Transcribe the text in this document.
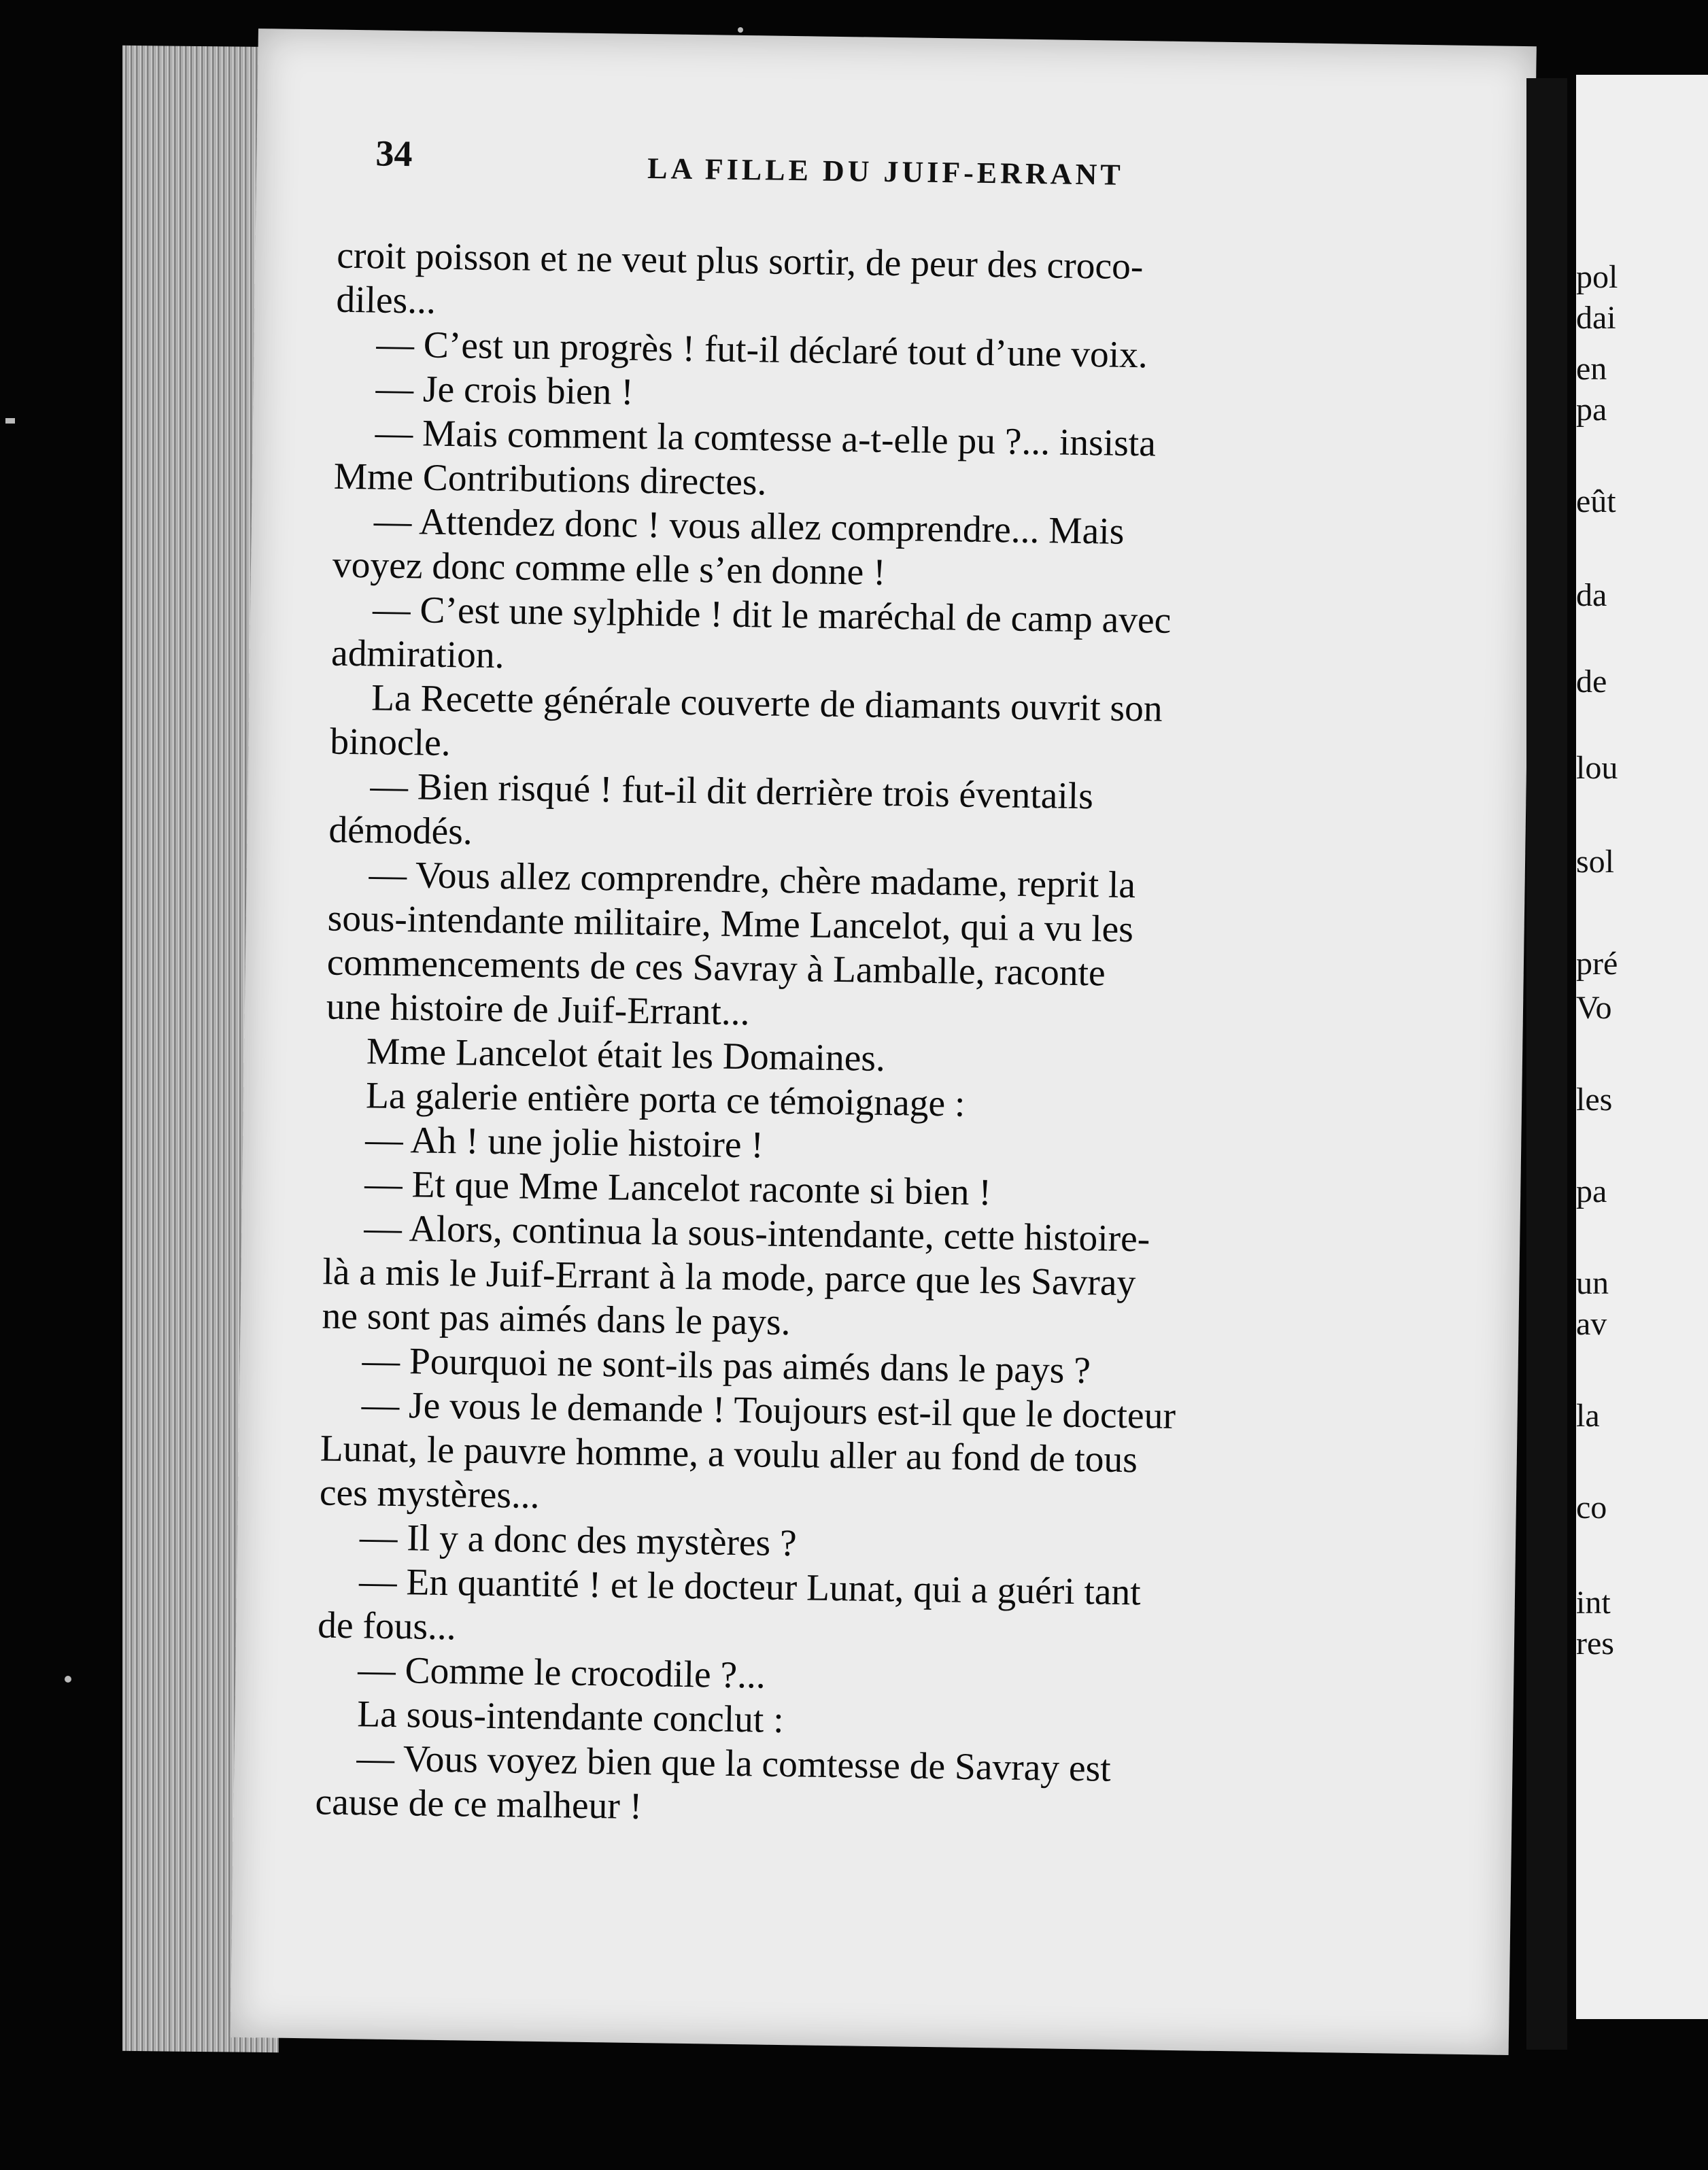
34	LA FILLE DU JUIF-ERRANT
croit poisson et ne veut plus sortir, de peur des croco-
diles...
— C’est un progrès ! fut-il déclaré tout d’une voix.
— Je crois bien !
— Mais comment la comtesse a-t-elle pu ?... insista
Mme Contributions directes.
— Attendez donc ! vous allez comprendre... Mais
voyez donc comme elle s’en donne !
— C’est une sylphide ! dit le maréchal de camp avec
admiration.
La Recette générale couverte de diamants ouvrit son
binocle.
— Bien risqué ! fut-il dit derrière trois éventails
démodés.
— Vous allez comprendre, chère madame, reprit la
sous-intendante militaire, Mme Lancelot, qui a vu les
commencements de ces Savray à Lamballe, raconte
une histoire de Juif-Errant...
Mme Lancelot était les Domaines.
La galerie entière porta ce témoignage :
— Ah ! une jolie histoire !
— Et que Mme Lancelot raconte si bien !
— Alors, continua la sous-intendante, cette histoire-
là a mis le Juif-Errant à la mode, parce que les Savray
ne sont pas aimés dans le pays.
— Pourquoi ne sont-ils pas aimés dans le pays ?
— Je vous le demande ! Toujours est-il que le docteur
Lunat, le pauvre homme, a voulu aller au fond de tous
ces mystères...
— Il y a donc des mystères ?
— En quantité ! et le docteur Lunat, qui a guéri tant
de fous...
— Comme le crocodile ?...
La sous-intendante conclut :
— Vous voyez bien que la comtesse de Savray est
cause de ce malheur !
pol
dai
en
pa
eût
da
de
lou
sol
pré
Vo
les
pa
un
av
la
co
int
res
